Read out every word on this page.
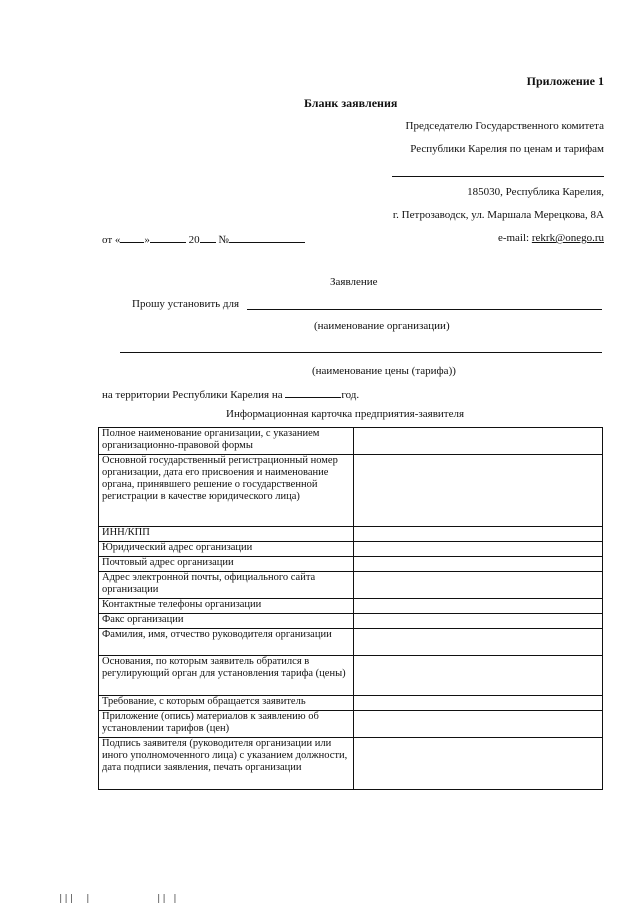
Приложение 1
Бланк заявления
Председателю Государственного комитета
Республики Карелия по ценам и тарифам
185030, Республика Карелия,
г. Петрозаводск, ул. Маршала Мерецкова, 8А
от « »	20 №	e-mail: rekrk@onego.ru
Заявление
Прошу установить для
(наименование организации)
(наименование цены (тарифа))
на территории Республики Карелия на	год.
Информационная карточка предприятия-заявителя
Полное наименование организации, с указанием организационно-правовой формы	
Основной государственный регистрационный номер организации, дата его присвоения и наименование органа, принявшего решение о государственной регистрации в качестве юридического лица)	
ИНН/КПП	
Юридический адрес организации	
Почтовый адрес организации	
Адрес электронной почты, официального сайта организации	
Контактные телефоны организации	
Факс организации	
Фамилия, имя, отчество руководителя организации	
Основания, по которым заявитель обратился в регулирующий орган для установления тарифа (цены)	
Требование, с которым обращается заявитель	
Приложение (опись) материалов к заявлению об установлении тарифов (цен)	
Подпись заявителя (руководителя организации или иного уполномоченного лица) с указанием должности, дата подписи заявления, печать организации	
|||  |	|| |
